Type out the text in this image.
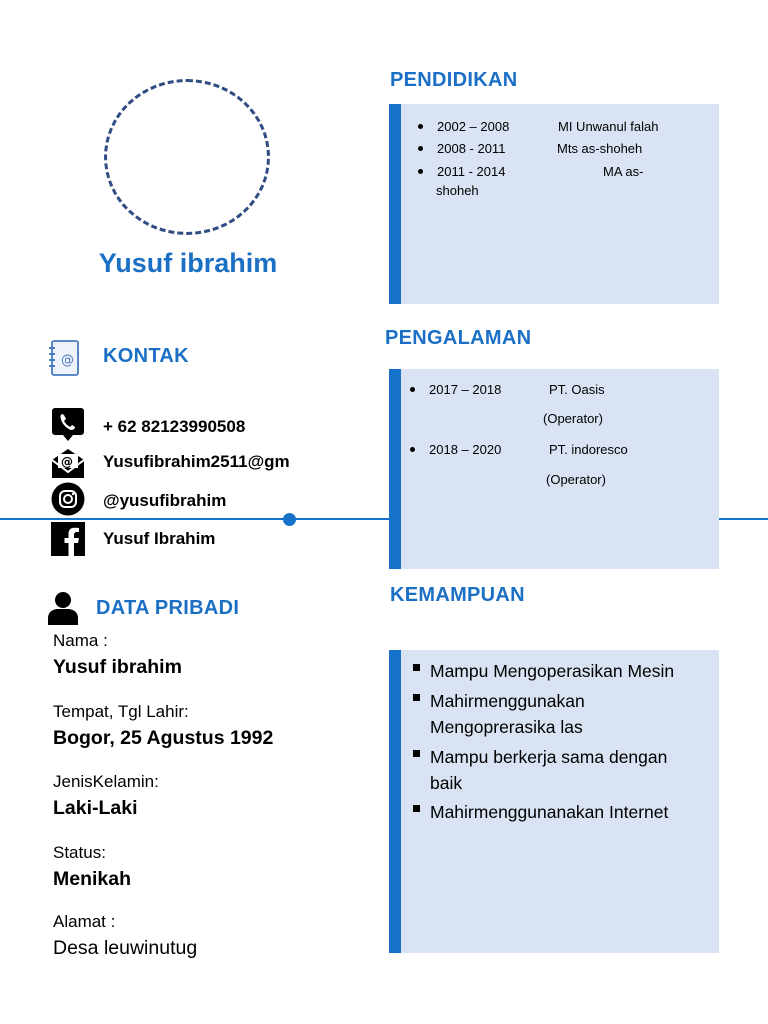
Yusuf ibrahim
@ KONTAK
+ 62 82123990508
@ Yusufibrahim2511@gm
@yusufibrahim
Yusuf Ibrahim
DATA PRIBADI
Nama :
Yusuf ibrahim
Tempat, Tgl Lahir:
Bogor, 25 Agustus 1992
JenisKelamin:
Laki-Laki
Status:
Menikah
Alamat :
Desa leuwinutug
PENDIDIKAN
2002 – 2008	MI Unwanul falah
2008 - 2011	Mts as-shoheh
2011 - 2014	MA as-
shoheh
PENGALAMAN
2017 – 2018	PT. Oasis
(Operator)
2018 – 2020	PT. indoresco
(Operator)
KEMAMPUAN
Mampu Mengoperasikan Mesin
Mahirmenggunakan Mengoprerasika las
Mampu berkerja sama dengan baik
Mahirmenggunanakan Internet
